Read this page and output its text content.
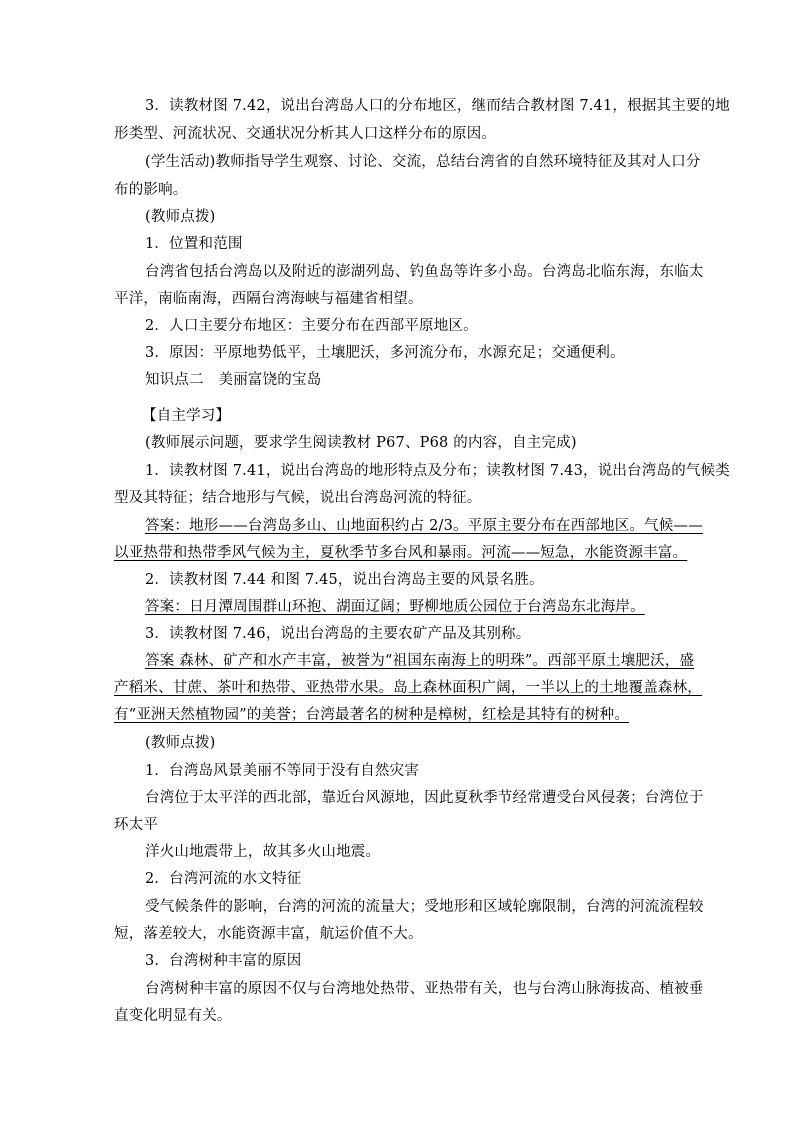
3．读教材图 7.42，说出台湾岛人口的分布地区，继而结合教材图 7.41，根据其主要的地
形类型、河流状况、交通状况分析其人口这样分布的原因。
(学生活动)教师指导学生观察、讨论、交流，总结台湾省的自然环境特征及其对人口分
布的影响。
(教师点拨)
1．位置和范围
台湾省包括台湾岛以及附近的澎湖列岛、钓鱼岛等许多小岛。台湾岛北临东海，东临太
平洋，南临南海，西隔台湾海峡与福建省相望。
2．人口主要分布地区：主要分布在西部平原地区。
3．原因：平原地势低平，土壤肥沃，多河流分布，水源充足；交通便利。
知识点二　美丽富饶的宝岛
【自主学习】
(教师展示问题，要求学生阅读教材 P67、P68 的内容，自主完成)
1．读教材图 7.41，说出台湾岛的地形特点及分布；读教材图 7.43，说出台湾岛的气候类
型及其特征；结合地形与气候，说出台湾岛河流的特征。
答案：地形——台湾岛多山、山地面积约占 2/3。平原主要分布在西部地区。气候——
以亚热带和热带季风气候为主，夏秋季节多台风和暴雨。河流——短急，水能资源丰富。
2．读教材图 7.44 和图 7.45，说出台湾岛主要的风景名胜。
答案：日月潭周围群山环抱、湖面辽阔；野柳地质公园位于台湾岛东北海岸。
3．读教材图 7.46，说出台湾岛的主要农矿产品及其别称。
答案 森林、矿产和水产丰富，被誉为“祖国东南海上的明珠”。西部平原土壤肥沃，盛
产稻米、甘蔗、茶叶和热带、亚热带水果。岛上森林面积广阔，一半以上的土地覆盖森林，
有“亚洲天然植物园”的美誉；台湾最著名的树种是樟树，红桧是其特有的树种。
(教师点拨)
1．台湾岛风景美丽不等同于没有自然灾害
台湾位于太平洋的西北部，靠近台风源地，因此夏秋季节经常遭受台风侵袭；台湾位于
环太平
洋火山地震带上，故其多火山地震。
2．台湾河流的水文特征
受气候条件的影响，台湾的河流的流量大；受地形和区域轮廓限制，台湾的河流流程较
短，落差较大，水能资源丰富，航运价值不大。
3．台湾树种丰富的原因
台湾树种丰富的原因不仅与台湾地处热带、亚热带有关，也与台湾山脉海拔高、植被垂
直变化明显有关。
